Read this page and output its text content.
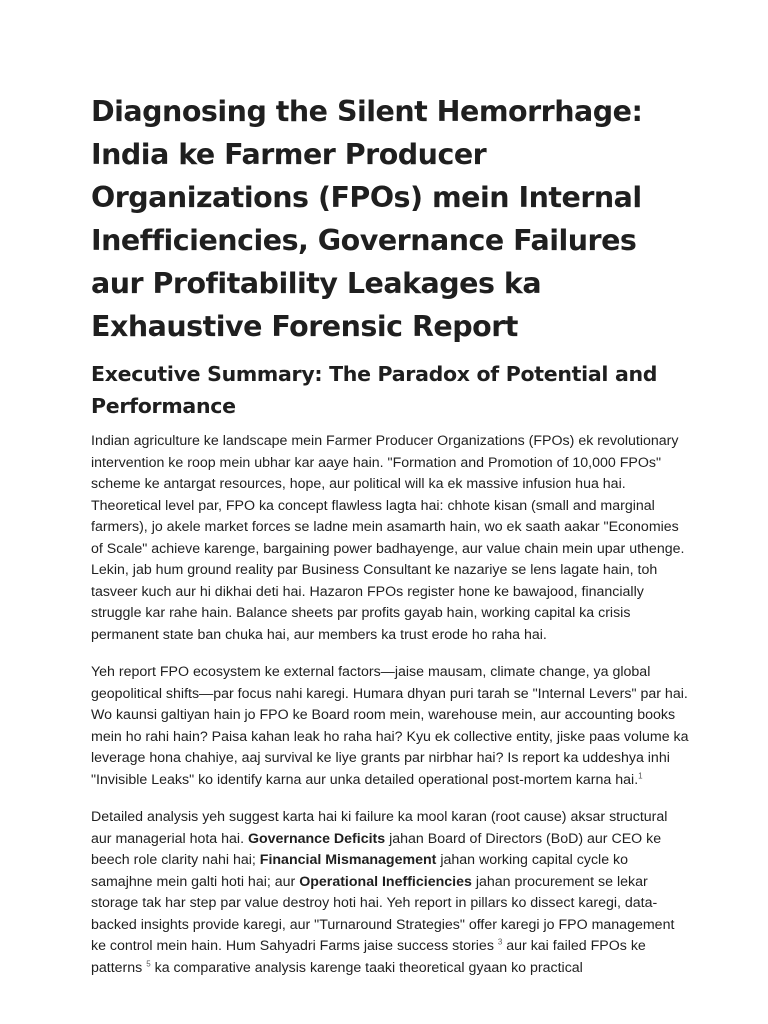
Diagnosing the Silent Hemorrhage: India ke Farmer Producer Organizations (FPOs) mein Internal Inefficiencies, Governance Failures aur Profitability Leakages ka Exhaustive Forensic Report
Executive Summary: The Paradox of Potential and Performance

Indian agriculture ke landscape mein Farmer Producer Organizations (FPOs) ek revolutionary intervention ke roop mein ubhar kar aaye hain. "Formation and Promotion of 10,000 FPOs" scheme ke antargat resources, hope, aur political will ka ek massive infusion hua hai. Theoretical level par, FPO ka concept flawless lagta hai: chhote kisan (small and marginal farmers), jo akele market forces se ladne mein asamarth hain, wo ek saath aakar "Economies of Scale" achieve karenge, bargaining power badhayenge, aur value chain mein upar uthenge. Lekin, jab hum ground reality par Business Consultant ke nazariye se lens lagate hain, toh tasveer kuch aur hi dikhai deti hai. Hazaron FPOs register hone ke bawajood, financially struggle kar rahe hain. Balance sheets par profits gayab hain, working capital ka crisis permanent state ban chuka hai, aur members ka trust erode ho raha hai.

Yeh report FPO ecosystem ke external factors—jaise mausam, climate change, ya global geopolitical shifts—par focus nahi karegi. Humara dhyan puri tarah se "Internal Levers" par hai. Wo kaunsi galtiyan hain jo FPO ke Board room mein, warehouse mein, aur accounting books mein ho rahi hain? Paisa kahan leak ho raha hai? Kyu ek collective entity, jiske paas volume ka leverage hona chahiye, aaj survival ke liye grants par nirbhar hai? Is report ka uddeshya inhi "Invisible Leaks" ko identify karna aur unka detailed operational post-mortem karna hai.$^1$

Detailed analysis yeh suggest karta hai ki failure ka mool karan (root cause) aksar structural aur managerial hota hai. Governance Deficits jahan Board of Directors (BoD) aur CEO ke beech role clarity nahi hai; Financial Mismanagement jahan working capital cycle ko samajhne mein galti hoti hai; aur Operational Inefficiencies jahan procurement se lekar storage tak har step par value destroy hoti hai. Yeh report in pillars ko dissect karegi, data-backed insights provide karegi, aur "Turnaround Strategies" offer karegi jo FPO management ke control mein hain. Hum Sahyadri Farms jaise success stories $^3$ aur kai failed FPOs ke patterns $^5$ ka comparative analysis karenge taaki theoretical gyaan ko practical
